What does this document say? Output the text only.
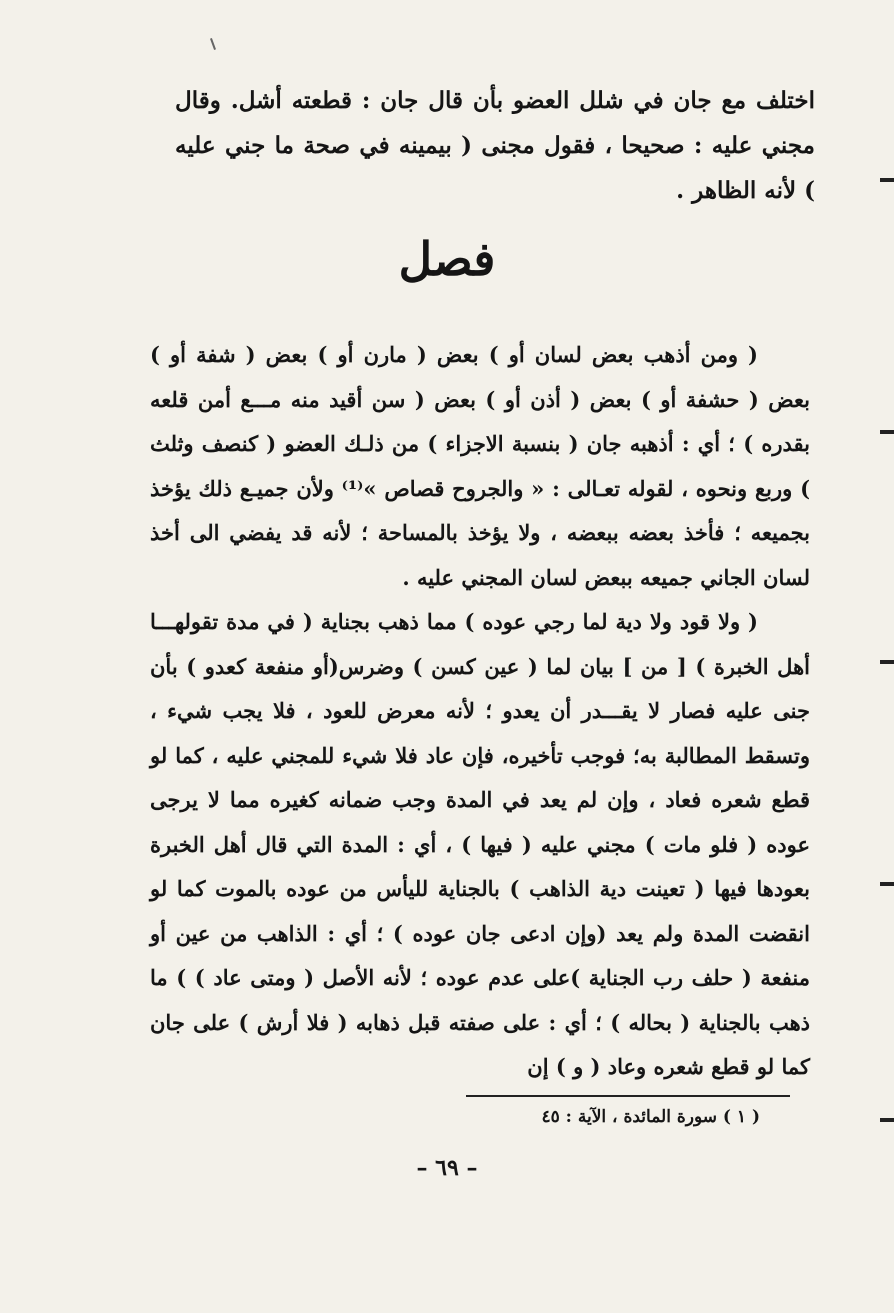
اختلف مع جان في شلل العضو بأن قال جان : قطعته أشل. وقال مجني عليه : صحيحا ، فقول مجنى ( بيمينه في صحة ما جني عليه ) لأنه الظاهر .
فصل

( ومن أذهب بعض لسان أو ) بعض ( مارن أو ) بعض ( شفة أو ) بعض ( حشفة أو ) بعض ( أذن أو ) بعض ( سن أقيد منه مـــع أمن قلعه بقدره ) ؛ أي : أذهبه جان ( بنسبة الاجزاء ) من ذلـك العضو ( كنصف وثلث ) وربع ونحوه ، لقوله تعـالى : « والجروح قصاص »⁽¹⁾ ولأن جميـع ذلك يؤخذ بجميعه ؛ فأخذ بعضه ببعضه ، ولا يؤخذ بالمساحة ؛ لأنه قد يفضي الى أخذ لسان الجاني جميعه ببعض لسان المجني عليه .

( ولا قود ولا دية لما رجي عوده ) مما ذهب بجناية ( في مدة تقولهـــا أهل الخبرة ) [ من ] بيان لما ( عين كسن ) وضرس(أو منفعة كعدو ) بأن جنى عليه فصار لا يقـــدر أن يعدو ؛ لأنه معرض للعود ، فلا يجب شيء ، وتسقط المطالبة به؛ فوجب تأخيره، فإن عاد فلا شيء للمجني عليه ، كما لو قطع شعره فعاد ، وإن لم يعد في المدة وجب ضمانه كغيره مما لا يرجى عوده ( فلو مات ) مجني عليه ( فيها ) ، أي : المدة التي قال أهل الخبرة بعودها فيها ( تعينت دية الذاهب ) بالجناية لليأس من عوده بالموت كما لو انقضت المدة ولم يعد (وإن ادعى جان عوده ) ؛ أي : الذاهب من عين أو منفعة ( حلف رب الجناية )على عدم عوده ؛ لأنه الأصل ( ومتى عاد ) ) ما ذهب بالجناية ( بحاله ) ؛ أي : على صفته قبل ذهابه ( فلا أرش ) على جان كما لو قطع شعره وعاد ( و ) إن

( ١ ) سورة المائدة ، الآية : ٤٥
– ٦٩ –
